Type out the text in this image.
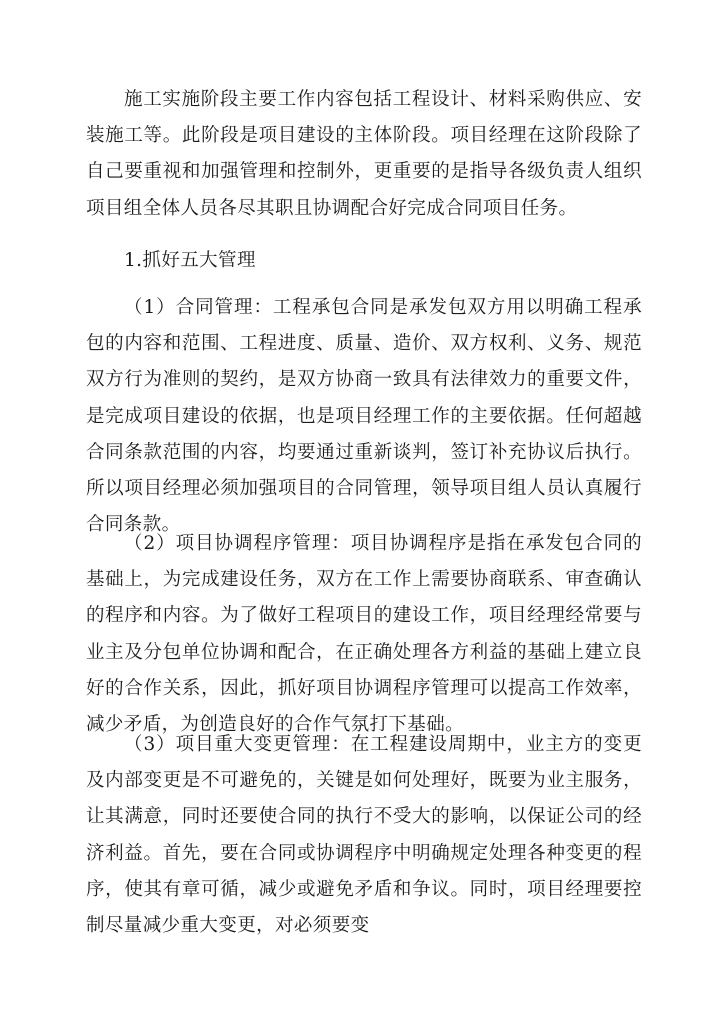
施工实施阶段主要工作内容包括工程设计、材料采购供应、安装施工等。此阶段是项目建设的主体阶段。项目经理在这阶段除了自己要重视和加强管理和控制外，更重要的是指导各级负责人组织项目组全体人员各尽其职且协调配合好完成合同项目任务。

1.抓好五大管理

（1）合同管理：工程承包合同是承发包双方用以明确工程承包的内容和范围、工程进度、质量、造价、双方权利、义务、规范双方行为准则的契约，是双方协商一致具有法律效力的重要文件，是完成项目建设的依据，也是项目经理工作的主要依据。任何超越合同条款范围的内容，均要通过重新谈判，签订补充协议后执行。所以项目经理必须加强项目的合同管理，领导项目组人员认真履行合同条款。

（2）项目协调程序管理：项目协调程序是指在承发包合同的基础上，为完成建设任务，双方在工作上需要协商联系、审查确认的程序和内容。为了做好工程项目的建设工作，项目经理经常要与业主及分包单位协调和配合，在正确处理各方利益的基础上建立良好的合作关系，因此，抓好项目协调程序管理可以提高工作效率，减少矛盾，为创造良好的合作气氛打下基础。

（3）项目重大变更管理：在工程建设周期中，业主方的变更及内部变更是不可避免的，关键是如何处理好，既要为业主服务，让其满意，同时还要使合同的执行不受大的影响，以保证公司的经济利益。首先，要在合同或协调程序中明确规定处理各种变更的程序，使其有章可循，减少或避免矛盾和争议。同时，项目经理要控制尽量减少重大变更，对必须要变
